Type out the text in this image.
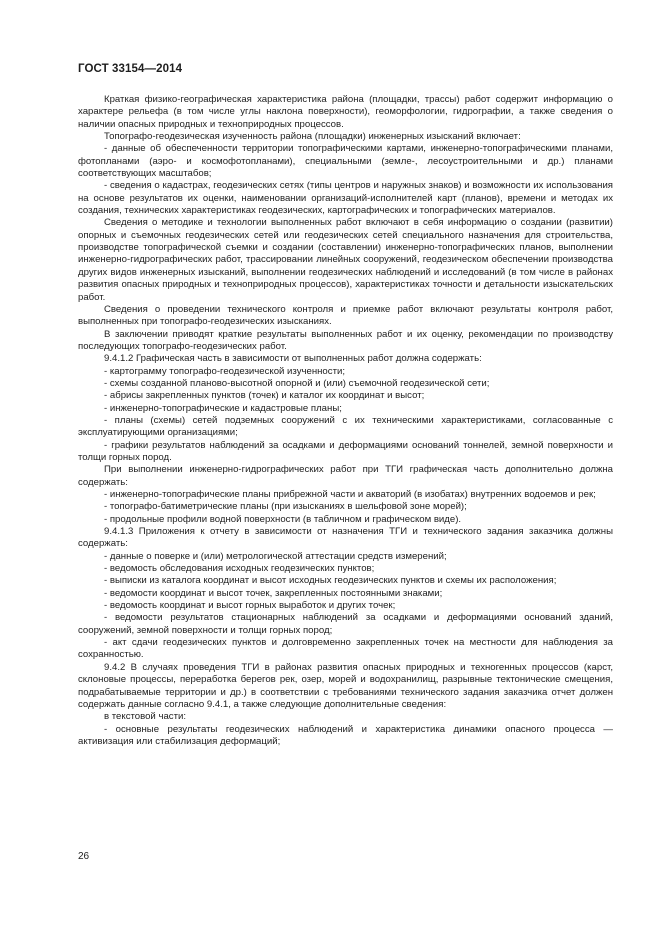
ГОСТ 33154—2014
Краткая физико-географическая характеристика района (площадки, трассы) работ содержит информацию о характере рельефа (в том числе углы наклона поверхности), геоморфологии, гидрографии, а также сведения о наличии опасных природных и техноприродных процессов.
Топографо-геодезическая изученность района (площадки) инженерных изысканий включает:
- данные об обеспеченности территории топографическими картами, инженерно-топографическими планами, фотопланами (аэро- и космофотопланами), специальными (земле-, лесоустроительными и др.) планами соответствующих масштабов;
- сведения о кадастрах, геодезических сетях (типы центров и наружных знаков) и возможности их использования на основе результатов их оценки, наименовании организаций-исполнителей карт (планов), времени и методах их создания, технических характеристиках геодезических, картографических и топографических материалов.
Сведения о методике и технологии выполненных работ включают в себя информацию о создании (развитии) опорных и съемочных геодезических сетей или геодезических сетей специального назначения для строительства, производстве топографической съемки и создании (составлении) инженерно-топографических планов, выполнении инженерно-гидрографических работ, трассировании линейных сооружений, геодезическом обеспечении производства других видов инженерных изысканий, выполнении геодезических наблюдений и исследований (в том числе в районах развития опасных природных и техноприродных процессов), характеристиках точности и детальности изыскательских работ.
Сведения о проведении технического контроля и приемке работ включают результаты контроля работ, выполненных при топографо-геодезических изысканиях.
В заключении приводят краткие результаты выполненных работ и их оценку, рекомендации по производству последующих топографо-геодезических работ.
9.4.1.2 Графическая часть в зависимости от выполненных работ должна содержать:
- картограмму топографо-геодезической изученности;
- схемы созданной планово-высотной опорной и (или) съемочной геодезической сети;
- абрисы закрепленных пунктов (точек) и каталог их координат и высот;
- инженерно-топографические и кадастровые планы;
- планы (схемы) сетей подземных сооружений с их техническими характеристиками, согласованные с эксплуатирующими организациями;
- графики результатов наблюдений за осадками и деформациями оснований тоннелей, земной поверхности и толщи горных пород.
При выполнении инженерно-гидрографических работ при ТГИ графическая часть дополнительно должна содержать:
- инженерно-топографические планы прибрежной части и акваторий (в изобатах) внутренних водоемов и рек;
- топографо-батиметрические планы (при изысканиях в шельфовой зоне морей);
- продольные профили водной поверхности (в табличном и графическом виде).
9.4.1.3 Приложения к отчету в зависимости от назначения ТГИ и технического задания заказчика должны содержать:
- данные о поверке и (или) метрологической аттестации средств измерений;
- ведомость обследования исходных геодезических пунктов;
- выписки из каталога координат и высот исходных геодезических пунктов и схемы их расположения;
- ведомости координат и высот точек, закрепленных постоянными знаками;
- ведомость координат и высот горных выработок и других точек;
- ведомости результатов стационарных наблюдений за осадками и деформациями оснований зданий, сооружений, земной поверхности и толщи горных пород;
- акт сдачи геодезических пунктов и долговременно закрепленных точек на местности для наблюдения за сохранностью.
9.4.2 В случаях проведения ТГИ в районах развития опасных природных и техногенных процессов (карст, склоновые процессы, переработка берегов рек, озер, морей и водохранилищ, разрывные тектонические смещения, подрабатываемые территории и др.) в соответствии с требованиями технического задания заказчика отчет должен содержать данные согласно 9.4.1, а также следующие дополнительные сведения:
в текстовой части:
- основные результаты геодезических наблюдений и характеристика динамики опасного процесса — активизация или стабилизация деформаций;
26
